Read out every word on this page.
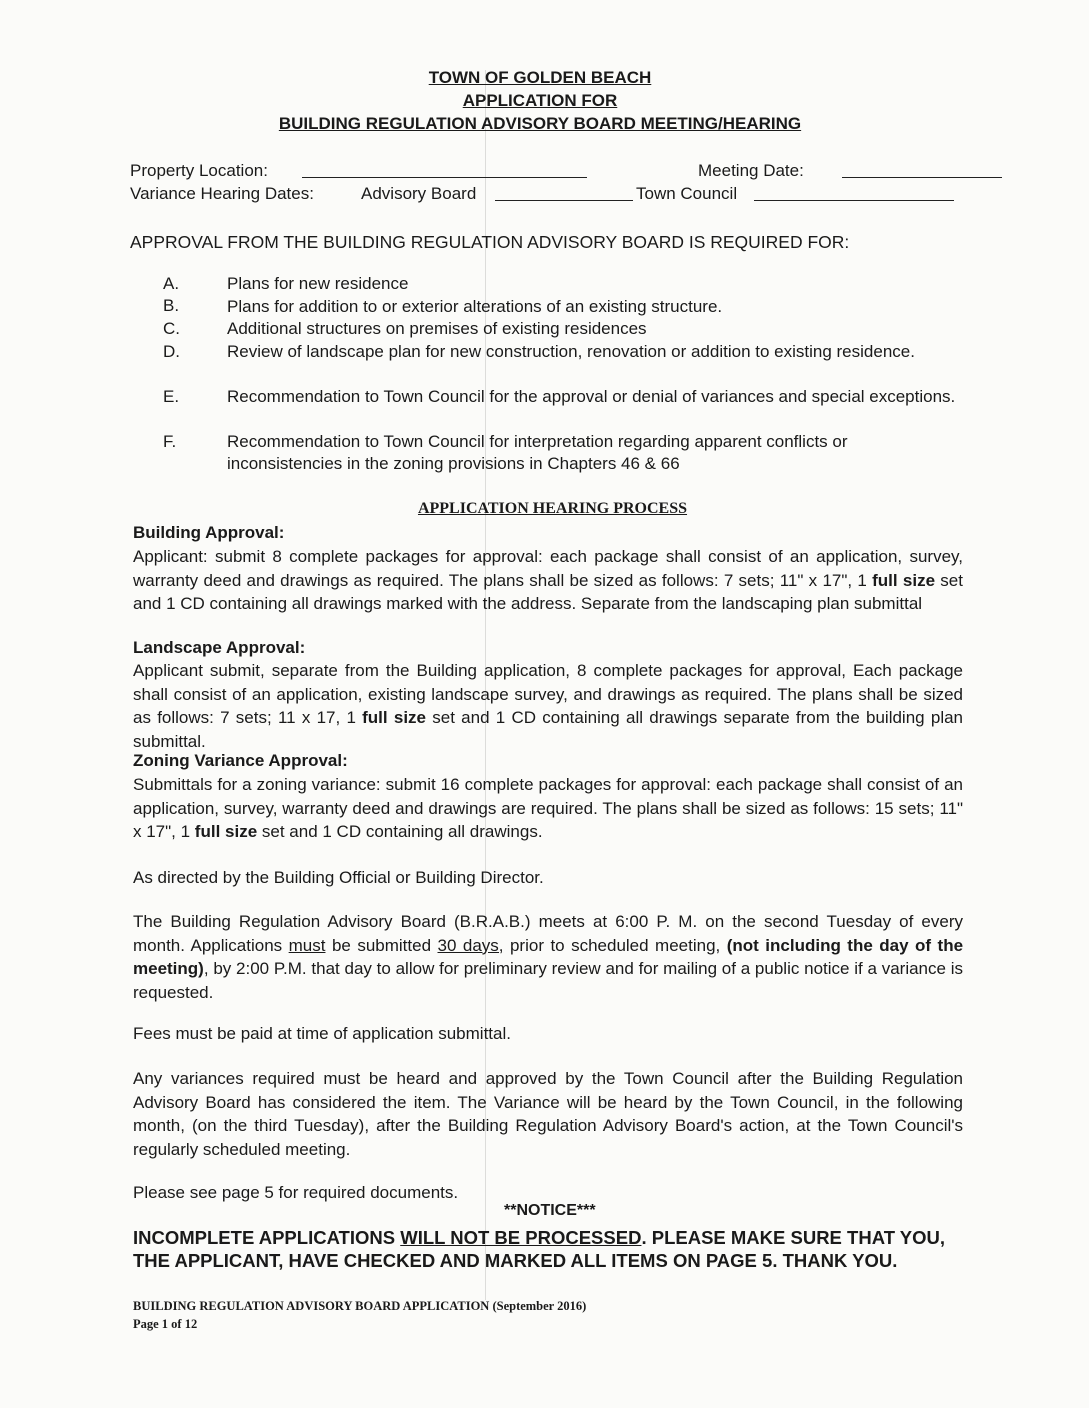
TOWN OF GOLDEN BEACH
APPLICATION FOR
BUILDING REGULATION ADVISORY BOARD MEETING/HEARING
Property Location:	Meeting Date:
Variance Hearing Dates:	Advisory Board	Town Council
APPROVAL FROM THE BUILDING REGULATION ADVISORY BOARD IS REQUIRED FOR:
A.	Plans for new residence
B.	Plans for addition to or exterior alterations of an existing structure.
C.	Additional structures on premises of existing residences
D.	Review of landscape plan for new construction, renovation or addition to existing residence.
E.	Recommendation to Town Council for the approval or denial of variances and special exceptions.
F.	Recommendation to Town Council for interpretation regarding apparent conflicts or inconsistencies in the zoning provisions in Chapters 46 & 66
APPLICATION HEARING PROCESS
Building Approval:
Applicant: submit 8 complete packages for approval: each package shall consist of an application, survey, warranty deed and drawings as required. The plans shall be sized as follows: 7 sets; 11" x 17", 1 full size set and 1 CD containing all drawings marked with the address. Separate from the landscaping plan submittal
Landscape Approval:
Applicant submit, separate from the Building application, 8 complete packages for approval, Each package shall consist of an application, existing landscape survey, and drawings as required. The plans shall be sized as follows: 7 sets; 11 x 17, 1 full size set and 1 CD containing all drawings separate from the building plan submittal.
Zoning Variance Approval:
Submittals for a zoning variance: submit 16 complete packages for approval: each package shall consist of an application, survey, warranty deed and drawings are required. The plans shall be sized as follows: 15 sets; 11" x 17", 1 full size set and 1 CD containing all drawings.
As directed by the Building Official or Building Director.
The Building Regulation Advisory Board (B.R.A.B.) meets at 6:00 P. M. on the second Tuesday of every month. Applications must be submitted 30 days, prior to scheduled meeting, (not including the day of the meeting), by 2:00 P.M. that day to allow for preliminary review and for mailing of a public notice if a variance is requested.
Fees must be paid at time of application submittal.
Any variances required must be heard and approved by the Town Council after the Building Regulation Advisory Board has considered the item. The Variance will be heard by the Town Council, in the following month, (on the third Tuesday), after the Building Regulation Advisory Board's action, at the Town Council's regularly scheduled meeting.
Please see page 5 for required documents.
**NOTICE***
INCOMPLETE APPLICATIONS WILL NOT BE PROCESSED. PLEASE MAKE SURE THAT YOU, THE APPLICANT, HAVE CHECKED AND MARKED ALL ITEMS ON PAGE 5. THANK YOU.
BUILDING REGULATION ADVISORY BOARD APPLICATION (September 2016)
Page 1 of 12
